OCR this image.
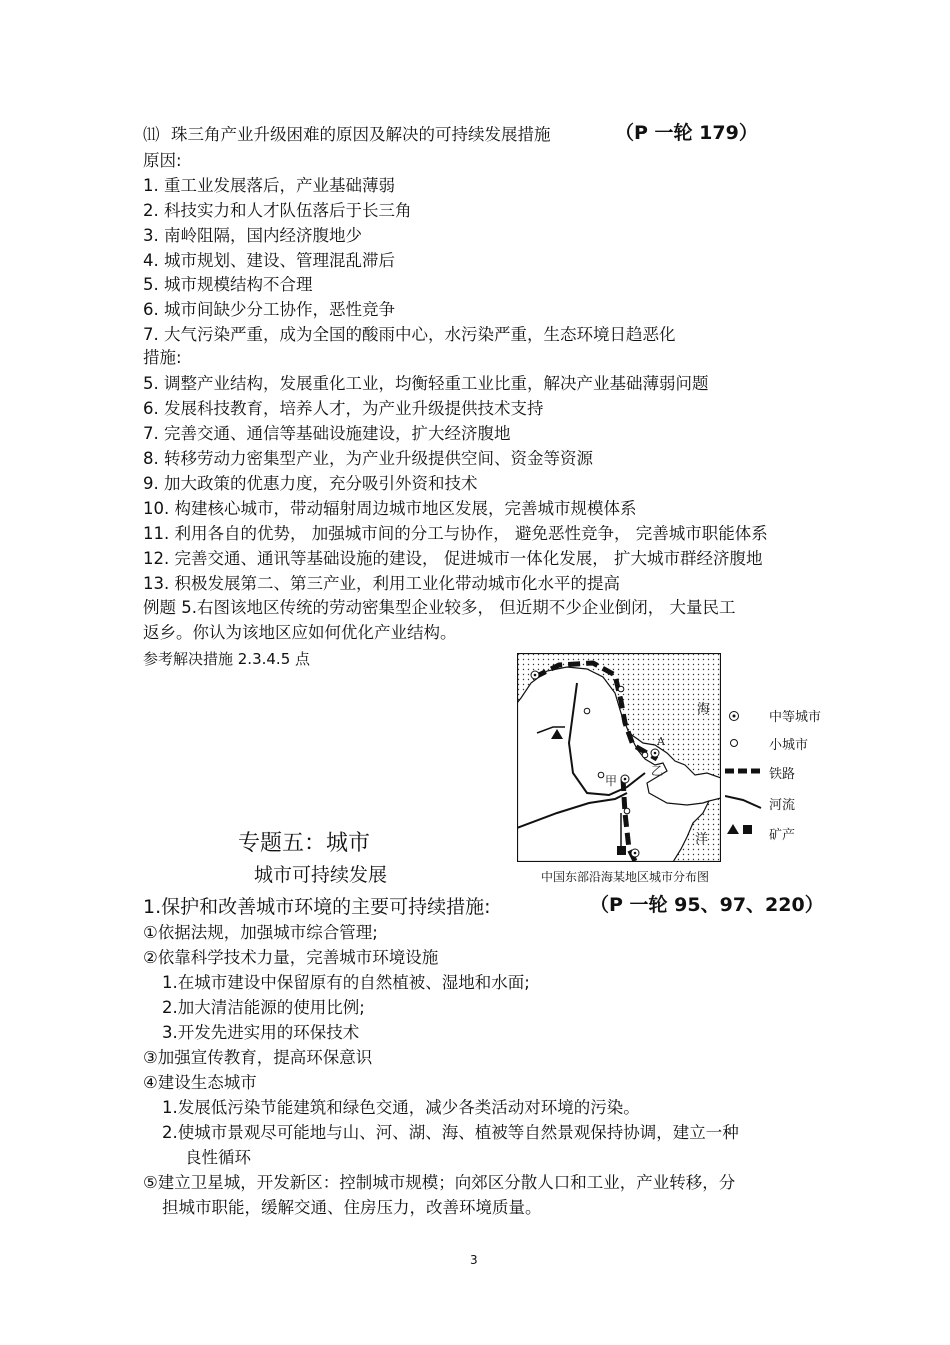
⑾ 珠三角产业升级困难的原因及解决的可持续发展措施	（P 一轮 179）
原因:
1. 重工业发展落后，产业基础薄弱
2. 科技实力和人才队伍落后于长三角
3. 南岭阻隔，国内经济腹地少
4. 城市规划、建设、管理混乱滞后
5. 城市规模结构不合理
6. 城市间缺少分工协作，恶性竞争
7. 大气污染严重，成为全国的酸雨中心，水污染严重，生态环境日趋恶化
措施:
5. 调整产业结构，发展重化工业，均衡轻重工业比重，解决产业基础薄弱问题
6. 发展科技教育，培养人才，为产业升级提供技术支持
7. 完善交通、通信等基础设施建设，扩大经济腹地
8. 转移劳动力密集型产业，为产业升级提供空间、资金等资源
9. 加大政策的优惠力度，充分吸引外资和技术
10. 构建核心城市，带动辐射周边城市地区发展，完善城市规模体系
11. 利用各自的优势， 加强城市间的分工与协作， 避免恶性竞争， 完善城市职能体系
12. 完善交通、通讯等基础设施的建设， 促进城市一体化发展， 扩大城市群经济腹地
13. 积极发展第二、第三产业，利用工业化带动城市化水平的提高
例题 5.右图该地区传统的劳动密集型企业较多， 但近期不少企业倒闭， 大量民工
返乡。你认为该地区应如何优化产业结构。
参考解决措施 2.3.4.5 点
海
A
甲
乙
洋
中等城市
小城市
铁路
河流
矿产
中国东部沿海某地区城市分布图
专题五：城市
城市可持续发展
1.保护和改善城市环境的主要可持续措施:	（P 一轮 95、97、220）
①依据法规，加强城市综合管理;
②依靠科学技术力量，完善城市环境设施
1.在城市建设中保留原有的自然植被、湿地和水面;
2.加大清洁能源的使用比例;
3.开发先进实用的环保技术
③加强宣传教育，提高环保意识
④建设生态城市
1.发展低污染节能建筑和绿色交通，减少各类活动对环境的污染。
2.使城市景观尽可能地与山、河、湖、海、植被等自然景观保持协调，建立一种
良性循环
⑤建立卫星城，开发新区：控制城市规模；向郊区分散人口和工业，产业转移，分
担城市职能，缓解交通、住房压力，改善环境质量。
3
